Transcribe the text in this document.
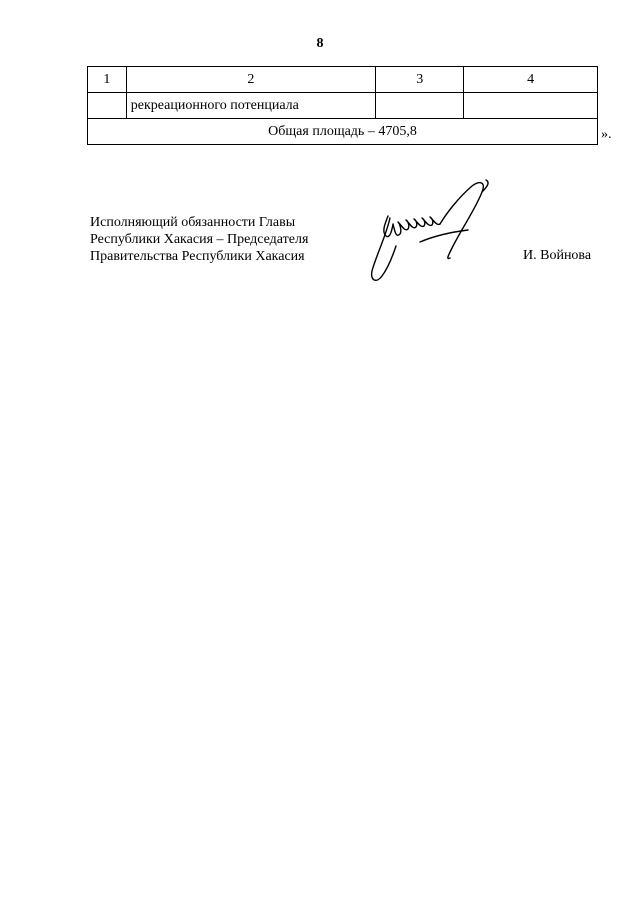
8
1	2	3	4
	рекреационного потенциала		
Общая площадь – 4705,8				».
Исполняющий обязанности Главы
Республики Хакасия – Председателя
Правительства Республики Хакасия	И. Войнова
